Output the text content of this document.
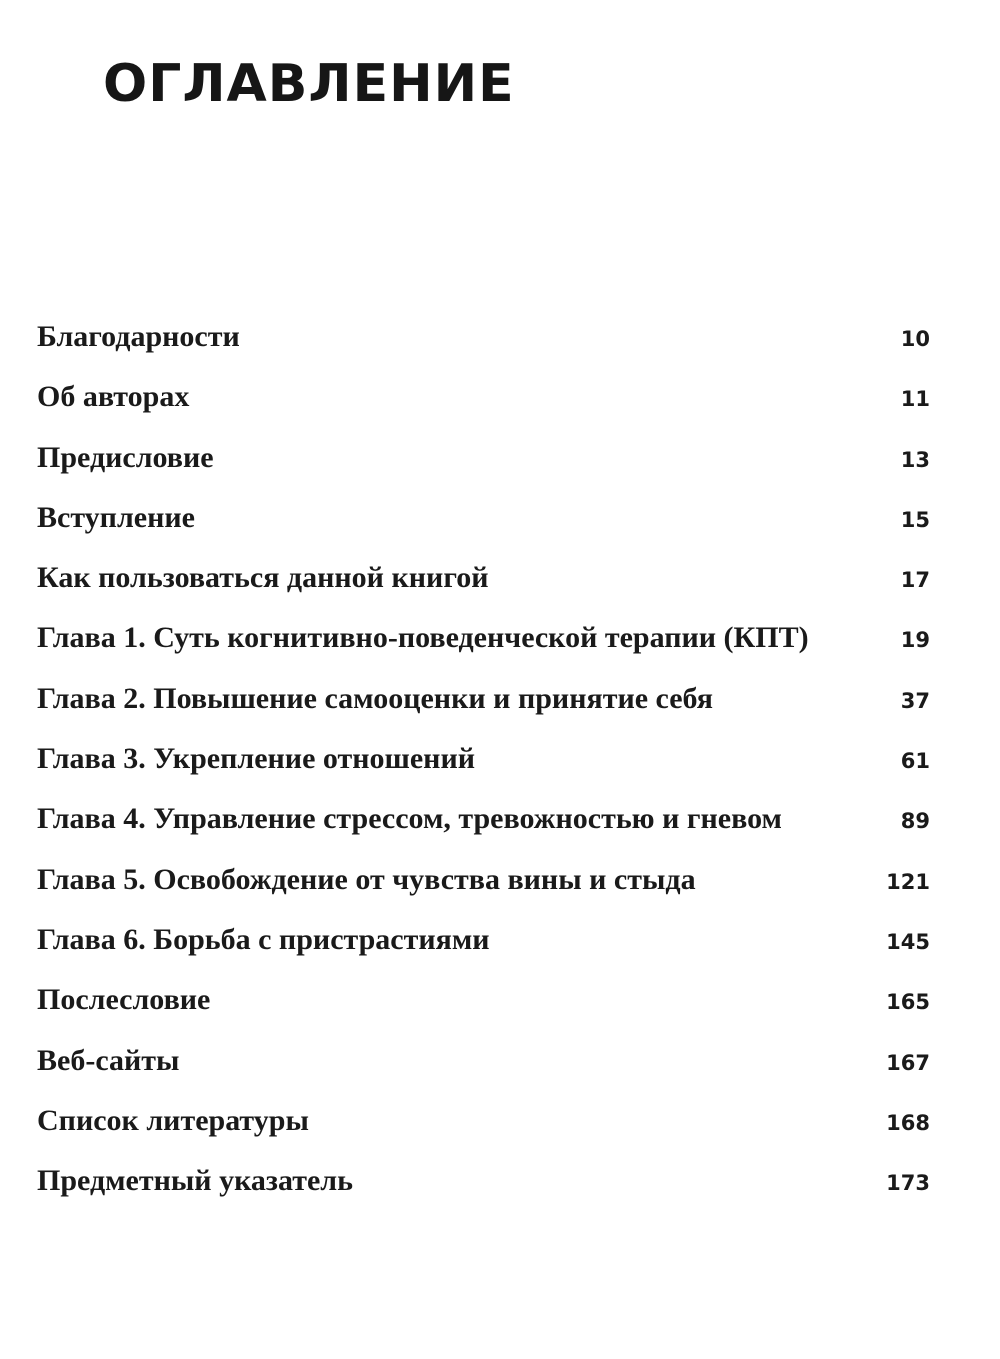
ОГЛАВЛЕНИЕ
Благодарности	10
Об авторах	11
Предисловие	13
Вступление	15
Как пользоваться данной книгой	17
Глава 1. Суть когнитивно-поведенческой терапии (КПТ)	19
Глава 2. Повышение самооценки и принятие себя	37
Глава 3. Укрепление отношений	61
Глава 4. Управление стрессом, тревожностью и гневом	89
Глава 5. Освобождение от чувства вины и стыда	121
Глава 6. Борьба с пристрастиями	145
Послесловие	165
Веб-сайты	167
Список литературы	168
Предметный указатель	173
